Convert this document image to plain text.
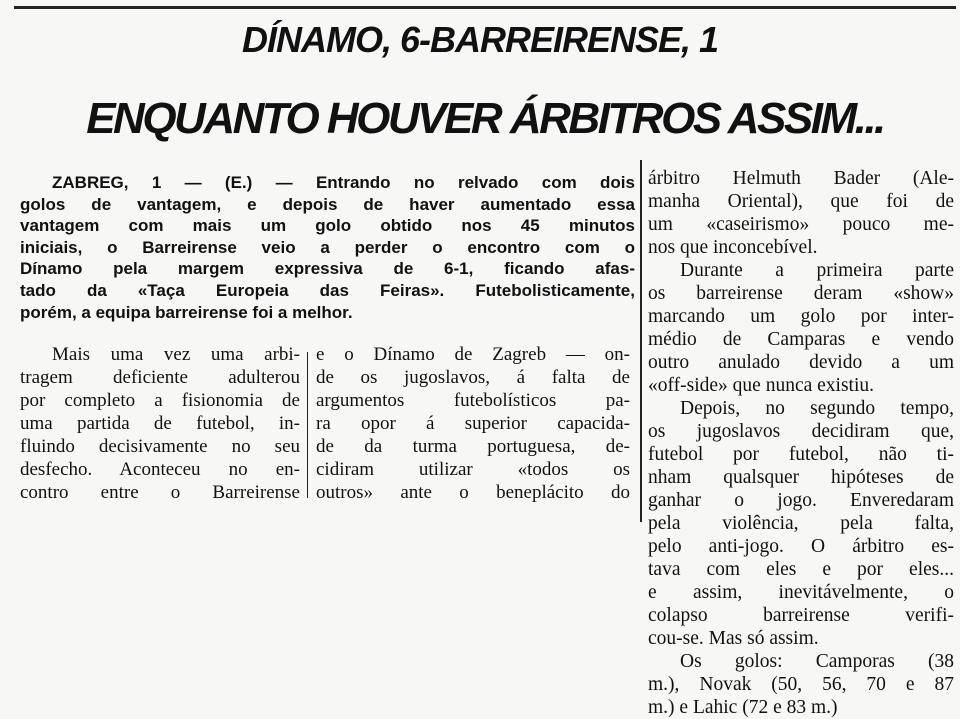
DÍNAMO, 6-BARREIRENSE, 1
ENQUANTO HOUVER ÁRBITROS ASSIM...
ZABREG, 1 — (E.) — Entrando no relvado com dois
golos de vantagem, e depois de haver aumentado essa
vantagem com mais um golo obtido nos 45 minutos
iniciais, o Barreirense veio a perder o encontro com o
Dínamo pela margem expressiva de 6-1, ficando afas-
tado da «Taça Europeia das Feiras». Futebolisticamente,
porém, a equipa barreirense foi a melhor.
Mais uma vez uma arbi-
tragem deficiente adulterou
por completo a fisionomia de
uma partida de futebol, in-
fluindo decisivamente no seu
desfecho. Aconteceu no en-
contro entre o Barreirense
e o Dínamo de Zagreb — on-
de os jugoslavos, á falta de
argumentos futebolísticos pa-
ra opor á superior capacida-
de da turma portuguesa, de-
cidiram utilizar «todos os
outros» ante o beneplácito do
árbitro Helmuth Bader (Ale-
manha Oriental), que foi de
um «caseirismo» pouco me-
nos que inconcebível.
Durante a primeira parte
os barreirense deram «show»
marcando um golo por inter-
médio de Camparas e vendo
outro anulado devido a um
«off-side» que nunca existiu.
Depois, no segundo tempo,
os jugoslavos decidiram que,
futebol por futebol, não ti-
nham qualsquer hipóteses de
ganhar o jogo. Enveredaram
pela violência, pela falta,
pelo anti-jogo. O árbitro es-
tava com eles e por eles...
e assim, inevitávelmente, o
colapso barreirense verifi-
cou-se. Mas só assim.
Os golos: Camporas (38
m.), Novak (50, 56, 70 e 87
m.) e Lahic (72 e 83 m.)
